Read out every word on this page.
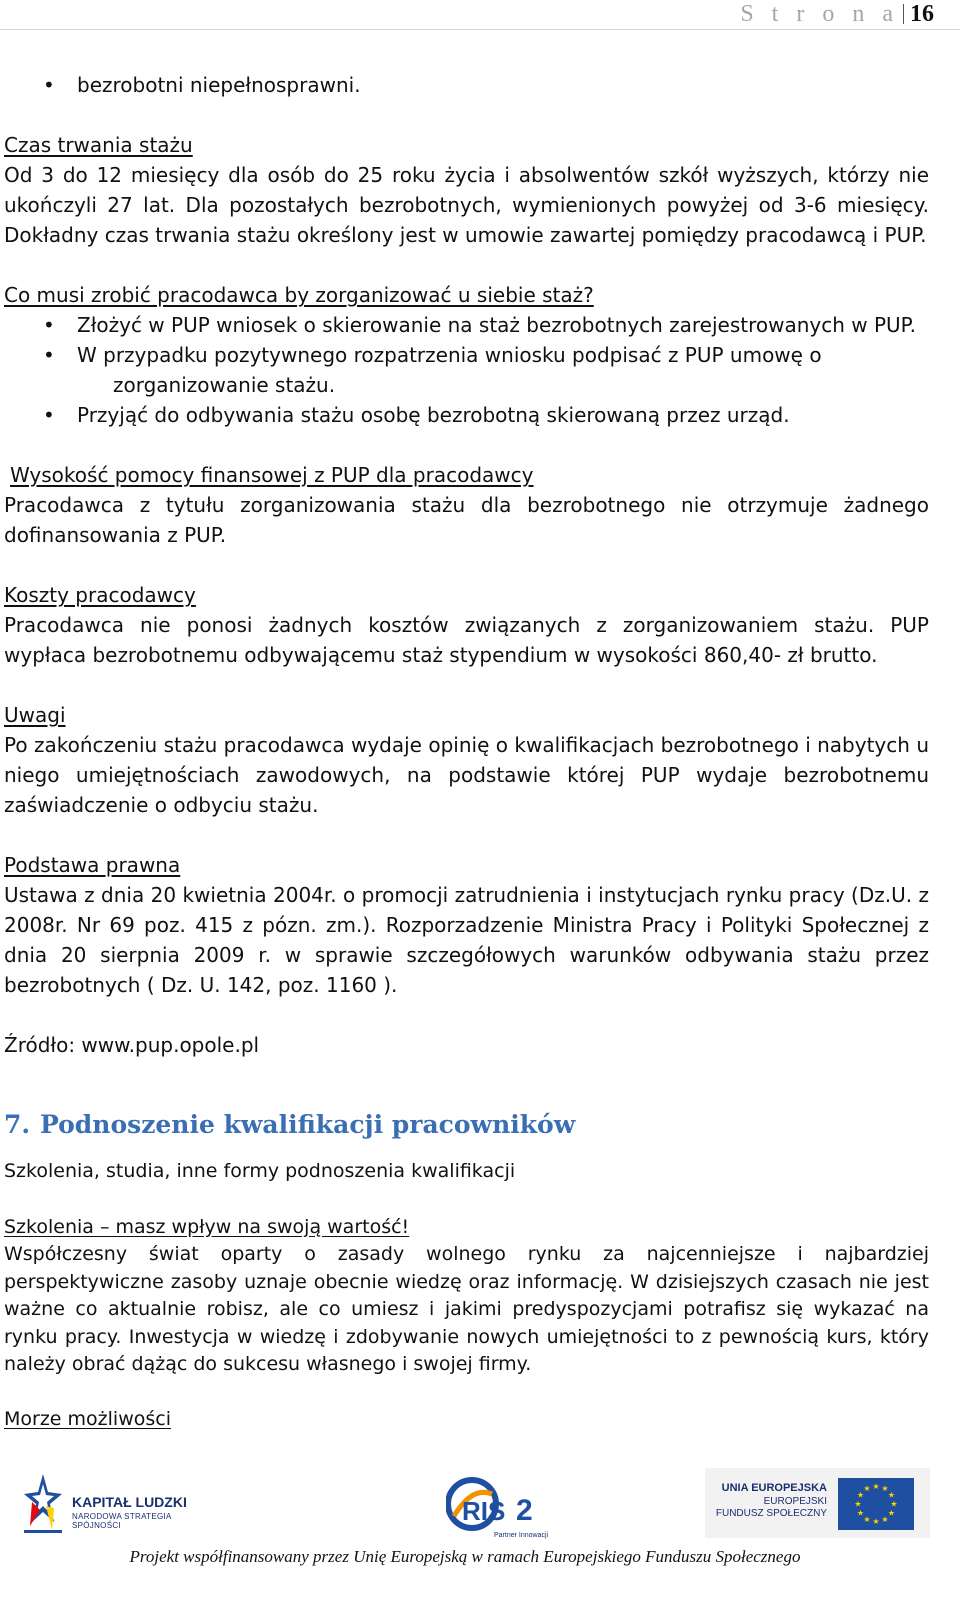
S t r o n a 16
• bezrobotni niepełnosprawni.

Czas trwania stażu

Od 3 do 12 miesięcy dla osób do 25 roku życia i absolwentów szkół wyższych, którzy nie ukończyli 27 lat. Dla pozostałych bezrobotnych, wymienionych powyżej od 3-6 miesięcy. Dokładny czas trwania stażu określony jest w umowie zawartej pomiędzy pracodawcą i PUP.

Co musi zrobić pracodawca by zorganizować u siebie staż?

• Złożyć w PUP wniosek o skierowanie na staż bezrobotnych zarejestrowanych w PUP.
• W przypadku pozytywnego rozpatrzenia wniosku podpisać z PUP umowę o
zorganizowanie stażu.
• Przyjąć do odbywania stażu osobę bezrobotną skierowaną przez urząd.

Wysokość pomocy finansowej z PUP dla pracodawcy

Pracodawca z tytułu zorganizowania stażu dla bezrobotnego nie otrzymuje żadnego dofinansowania z PUP.

Koszty pracodawcy

Pracodawca nie ponosi żadnych kosztów związanych z zorganizowaniem stażu. PUP wypłaca bezrobotnemu odbywającemu staż stypendium w wysokości 860,40- zł brutto.

Uwagi

Po zakończeniu stażu pracodawca wydaje opinię o kwalifikacjach bezrobotnego i nabytych u niego umiejętnościach zawodowych, na podstawie której PUP wydaje bezrobotnemu zaświadczenie o odbyciu stażu.

Podstawa prawna

Ustawa z dnia 20 kwietnia 2004r. o promocji zatrudnienia i instytucjach rynku pracy (Dz.U. z 2008r. Nr 69 poz. 415 z pózn. zm.). Rozporzadzenie Ministra Pracy i Polityki Społecznej z dnia 20 sierpnia 2009 r. w sprawie szczegółowych warunków odbywania stażu przez bezrobotnych ( Dz. U. 142, poz. 1160 ).

Źródło: www.pup.opole.pl

7. Podnoszenie kwalifikacji pracowników

Szkolenia, studia, inne formy podnoszenia kwalifikacji

Szkolenia – masz wpływ na swoją wartość!

Współczesny świat oparty o zasady wolnego rynku za najcenniejsze i najbardziej perspektywiczne zasoby uznaje obecnie wiedzę oraz informację. W dzisiejszych czasach nie jest ważne co aktualnie robisz, ale co umiesz i jakimi predyspozycjami potrafisz się wykazać na rynku pracy. Inwestycja w wiedzę i zdobywanie nowych umiejętności to z pewnością kurs, który należy obrać dążąc do sukcesu własnego i swojej firmy.

Morze możliwości

KAPITAŁ LUDZKI
NARODOWA STRATEGIA SPÓJNOŚCI	RIS 2
Partner Innowacji
UNIA EUROPEJSKA
EUROPEJSKI
FUNDUSZ SPOŁECZNY
★ ★
★
★
★
★
★
★
★
★
★
★
Projekt współfinansowany przez Unię Europejską w ramach Europejskiego Funduszu Społecznego
